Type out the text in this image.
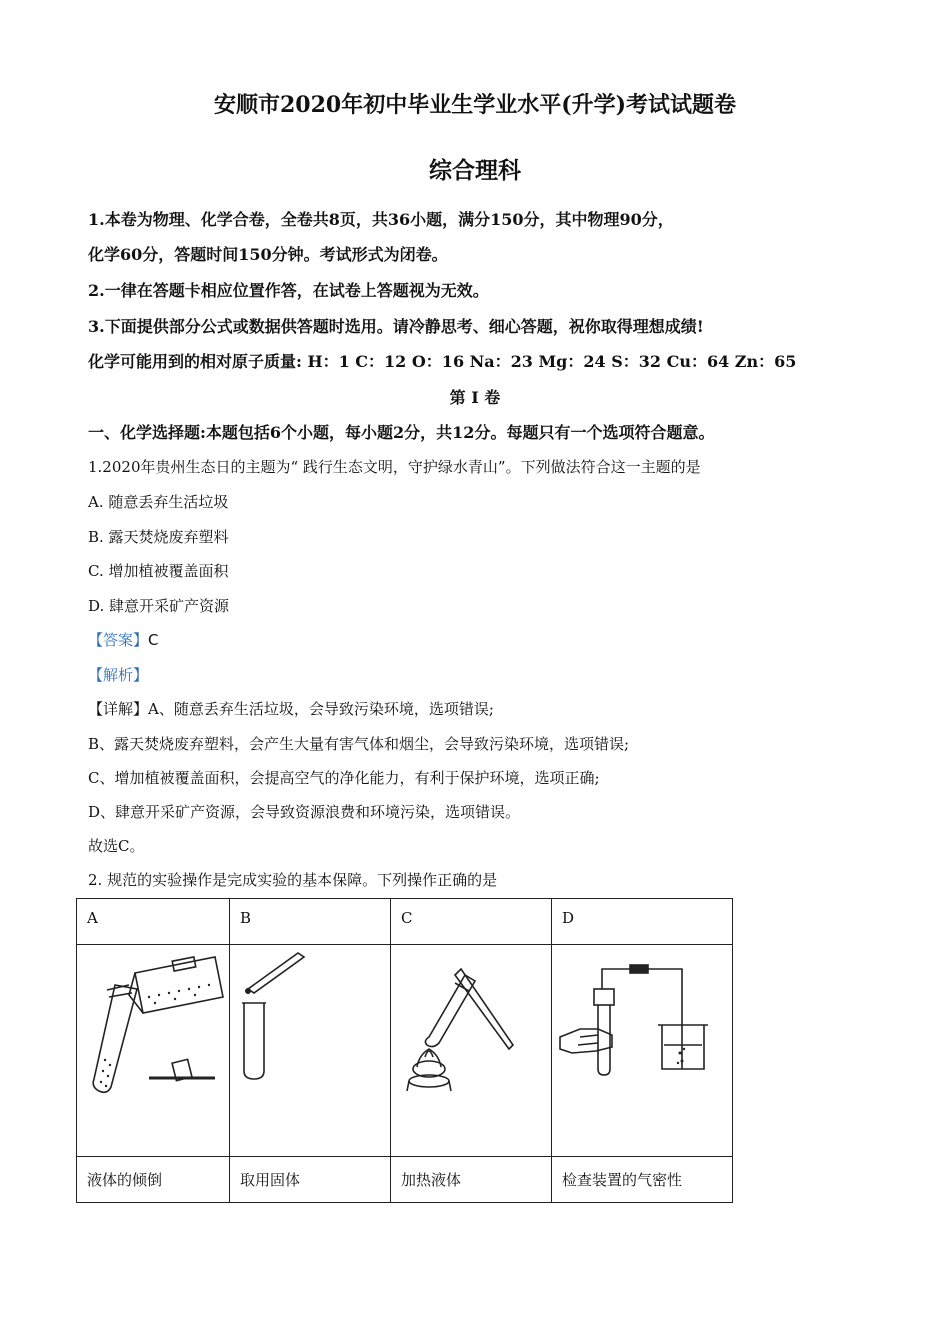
安顺市2020年初中毕业生学业水平(升学)考试试题卷
综合理科
1.本卷为物理、化学合卷，全卷共8页，共36小题，满分150分，其中物理90分，
化学60分，答题时间150分钟。考试形式为闭卷。
2.一律在答题卡相应位置作答，在试卷上答题视为无效。
3.下面提供部分公式或数据供答题时选用。请冷静思考、细心答题，祝你取得理想成绩!
化学可能用到的相对原子质量: H：1 C：12 O：16 Na：23 Mg：24 S：32 Cu：64 Zn：65
第 I 卷
一、化学选择题:本题包括6个小题，每小题2分，共12分。每题只有一个选项符合题意。
1.2020年贵州生态日的主题为“ 践行生态文明，守护绿水青山”。下列做法符合这一主题的是
A. 随意丢弃生活垃圾
B. 露天焚烧废弃塑料
C. 增加植被覆盖面积
D. 肆意开采矿产资源
【答案】C
【解析】
【详解】A、随意丢弃生活垃圾，会导致污染环境，选项错误;
B、露天焚烧废弃塑料，会产生大量有害气体和烟尘，会导致污染环境，选项错误;
C、增加植被覆盖面积，会提高空气的净化能力，有利于保护环境，选项正确;
D、肆意开采矿产资源，会导致资源浪费和环境污染，选项错误。
故选C。
2. 规范的实验操作是完成实验的基本保障。下列操作正确的是
A	B	C	D

液体的倾倒	取用固体	加热液体	检查装置的气密性
